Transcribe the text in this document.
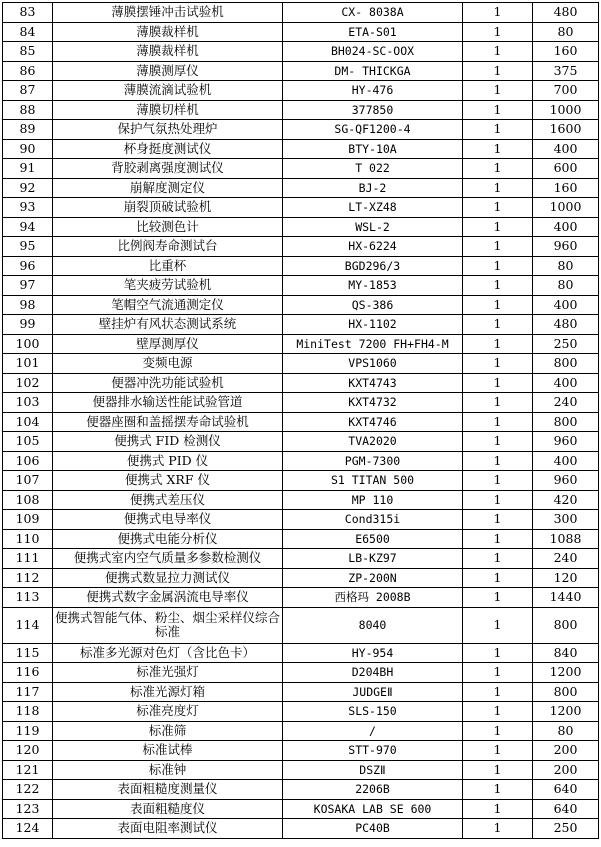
83	薄膜摆锤冲击试验机	CX- 8038A	1	480
84	薄膜裁样机	ETA-S01	1	80
85	薄膜裁样机	BH024-SC-OOX	1	160
86	薄膜测厚仪	DM- THICKGA	1	375
87	薄膜流滴试验机	HY-476	1	700
88	薄膜切样机	377850	1	1000
89	保护气氛热处理炉	SG-QF1200-4	1	1600
90	杯身挺度测试仪	BTY-10A	1	400
91	背胶剥离强度测试仪	T 022	1	600
92	崩解度测定仪	BJ-2	1	160
93	崩裂顶破试验机	LT-XZ48	1	1000
94	比较测色计	WSL-2	1	400
95	比例阀寿命测试台	HX-6224	1	960
96	比重杯	BGD296/3	1	80
97	笔夹疲劳试验机	MY-1853	1	80
98	笔帽空气流通测定仪	QS-386	1	400
99	壁挂炉有风状态测试系统	HX-1102	1	480
100	壁厚测厚仪	MiniTest 7200 FH+FH4-M	1	250
101	变频电源	VPS1060	1	800
102	便器冲洗功能试验机	KXT4743	1	400
103	便器排水输送性能试验管道	KXT4732	1	240
104	便器座圈和盖摇摆寿命试验机	KXT4746	1	800
105	便携式 FID 检测仪	TVA2020	1	960
106	便携式 PID 仪	PGM-7300	1	400
107	便携式 XRF 仪	S1 TITAN 500	1	960
108	便携式差压仪	MP 110	1	420
109	便携式电导率仪	Cond315i	1	300
110	便携式电能分析仪	E6500	1	1088
111	便携式室内空气质量多参数检测仪	LB-KZ97	1	240
112	便携式数显拉力测试仪	ZP-200N	1	120
113	便携式数字金属涡流电导率仪	西格玛 2008B	1	1440
114	便携式智能气体、粉尘、烟尘采样仪综合标准	8040	1	800
115	标准多光源对色灯（含比色卡）	HY-954	1	840
116	标准光强灯	D204BH	1	1200
117	标准光源灯箱	JUDGEⅡ	1	800
118	标准亮度灯	SLS-150	1	1200
119	标准筛	/	1	80
120	标准试棒	STT-970	1	200
121	标准钟	DSZⅡ	1	200
122	表面粗糙度测量仪	2206B	1	640
123	表面粗糙度仪	KOSAKA LAB SE 600	1	640
124	表面电阻率测试仪	PC40B	1	250
